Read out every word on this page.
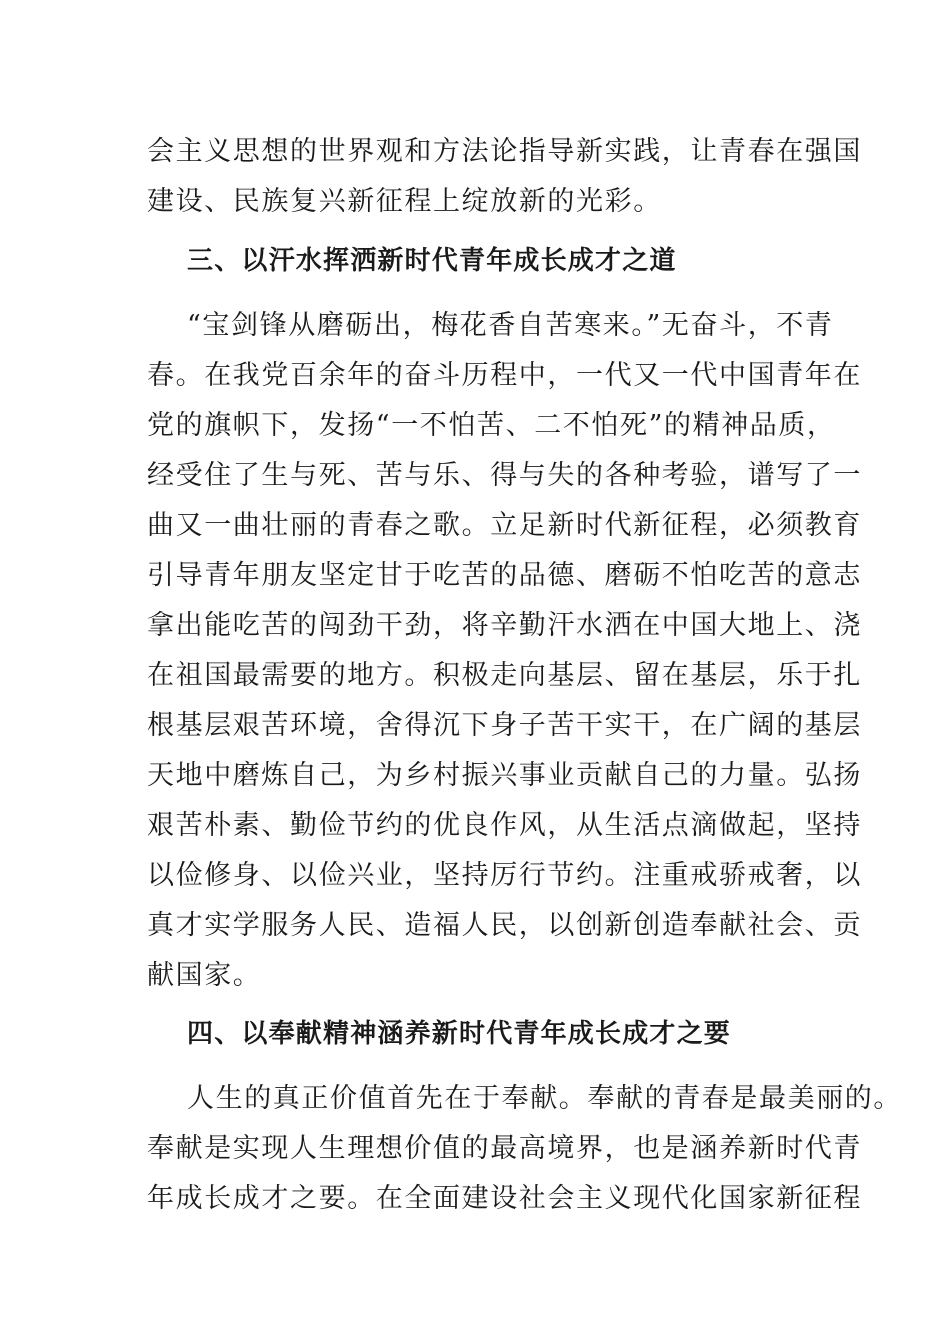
会主义思想的世界观和方法论指导新实践，让青春在强国
建设、民族复兴新征程上绽放新的光彩。
三、以汗水挥洒新时代青年成长成才之道
“宝剑锋从磨砺出，梅花香自苦寒来。”无奋斗，不青
春。在我党百余年的奋斗历程中，一代又一代中国青年在
党的旗帜下，发扬“一不怕苦、二不怕死”的精神品质，
经受住了生与死、苦与乐、得与失的各种考验，谱写了一
曲又一曲壮丽的青春之歌。立足新时代新征程，必须教育
引导青年朋友坚定甘于吃苦的品德、磨砺不怕吃苦的意志
拿出能吃苦的闯劲干劲，将辛勤汗水洒在中国大地上、浇
在祖国最需要的地方。积极走向基层、留在基层，乐于扎
根基层艰苦环境，舍得沉下身子苦干实干，在广阔的基层
天地中磨炼自己，为乡村振兴事业贡献自己的力量。弘扬
艰苦朴素、勤俭节约的优良作风，从生活点滴做起，坚持
以俭修身、以俭兴业，坚持厉行节约。注重戒骄戒奢，以
真才实学服务人民、造福人民，以创新创造奉献社会、贡
献国家。
四、以奉献精神涵养新时代青年成长成才之要
人生的真正价值首先在于奉献。奉献的青春是最美丽的。
奉献是实现人生理想价值的最高境界，也是涵养新时代青
年成长成才之要。在全面建设社会主义现代化国家新征程
